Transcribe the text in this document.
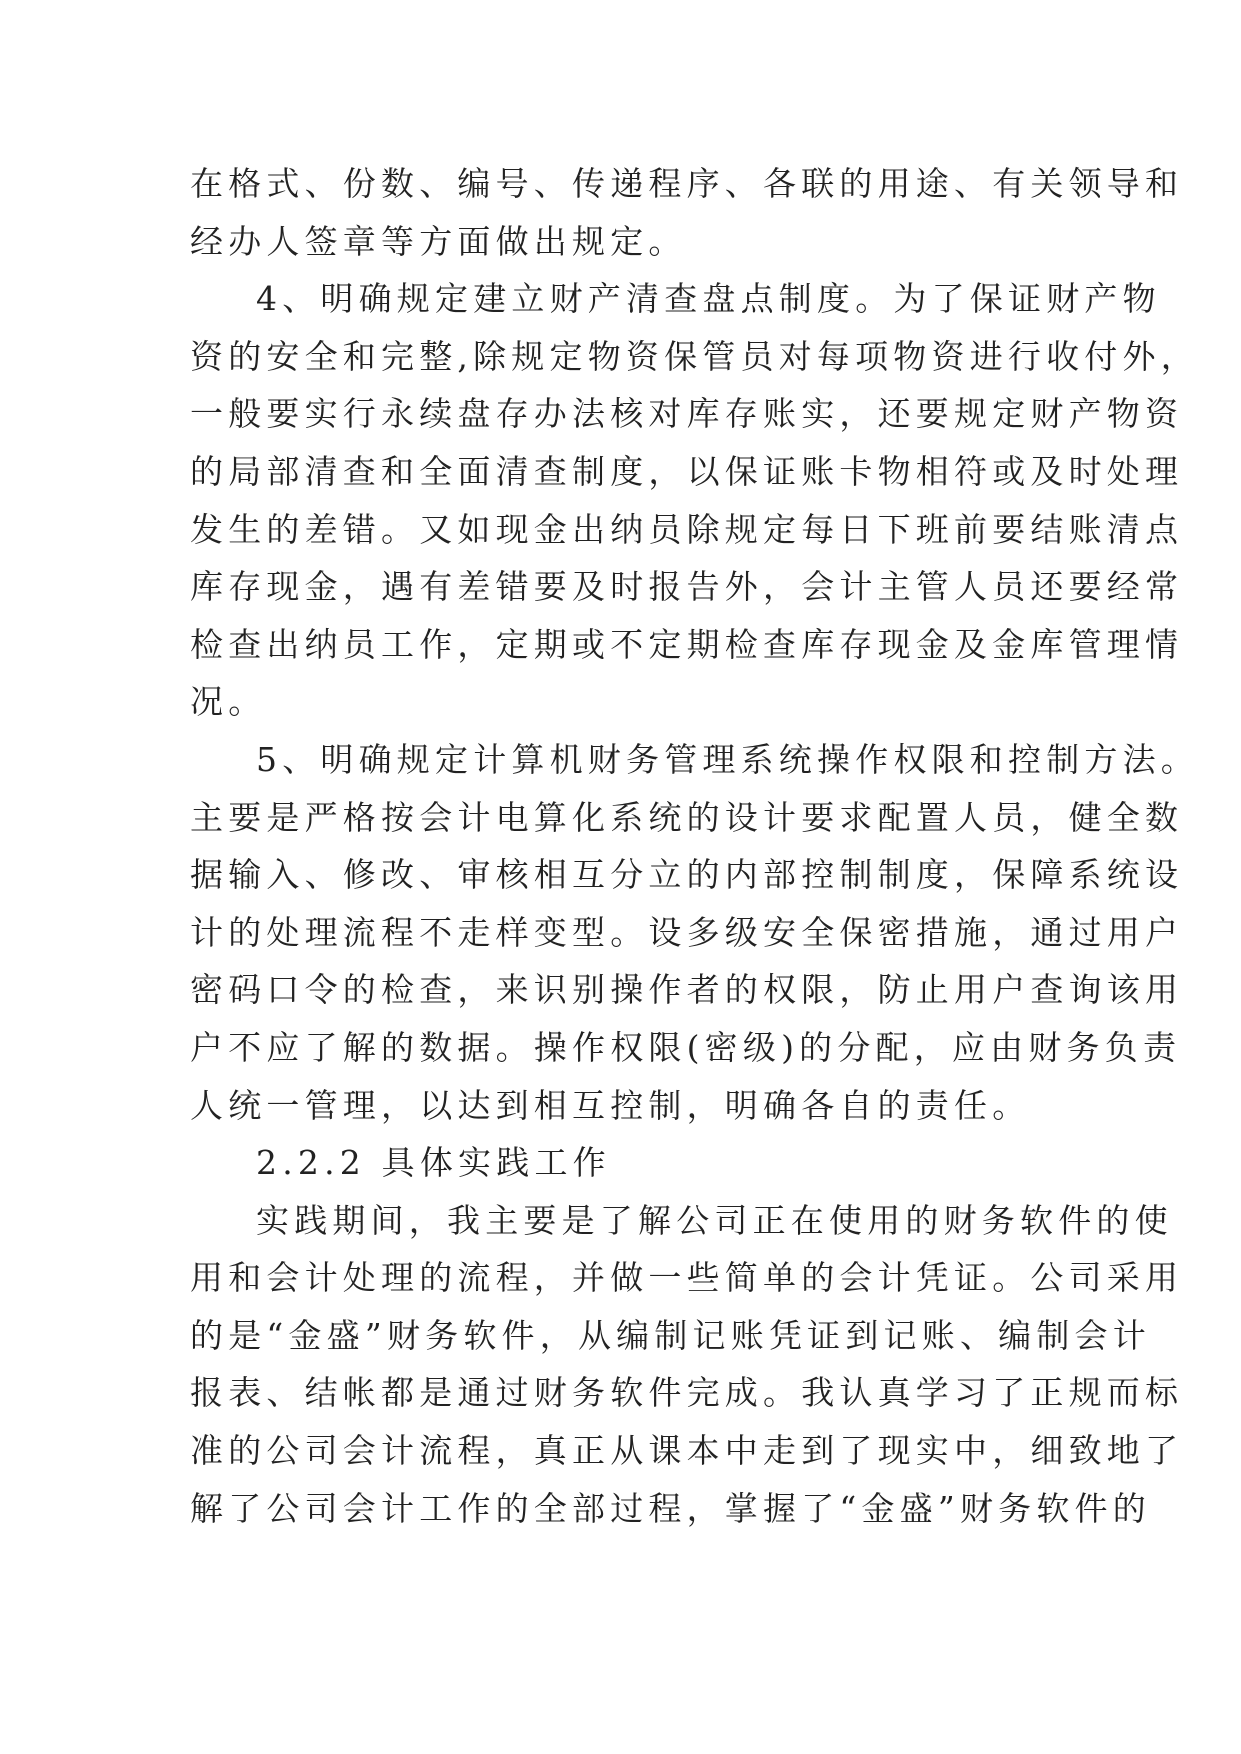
在格式、份数、编号、传递程序、各联的用途、有关领导和
经办人签章等方面做出规定。
4、明确规定建立财产清查盘点制度。为了保证财产物
资的安全和完整,除规定物资保管员对每项物资进行收付外，
一般要实行永续盘存办法核对库存账实，还要规定财产物资
的局部清查和全面清查制度，以保证账卡物相符或及时处理
发生的差错。又如现金出纳员除规定每日下班前要结账清点
库存现金，遇有差错要及时报告外，会计主管人员还要经常
检查出纳员工作，定期或不定期检查库存现金及金库管理情
况。
5、明确规定计算机财务管理系统操作权限和控制方法。
主要是严格按会计电算化系统的设计要求配置人员，健全数
据输入、修改、审核相互分立的内部控制制度，保障系统设
计的处理流程不走样变型。设多级安全保密措施，通过用户
密码口令的检查，来识别操作者的权限，防止用户查询该用
户不应了解的数据。操作权限(密级)的分配，应由财务负责
人统一管理，以达到相互控制，明确各自的责任。
2.2.2 具体实践工作
实践期间，我主要是了解公司正在使用的财务软件的使
用和会计处理的流程，并做一些简单的会计凭证。公司采用
的是“金盛”财务软件，从编制记账凭证到记账、编制会计
报表、结帐都是通过财务软件完成。我认真学习了正规而标
准的公司会计流程，真正从课本中走到了现实中，细致地了
解了公司会计工作的全部过程，掌握了“金盛”财务软件的
